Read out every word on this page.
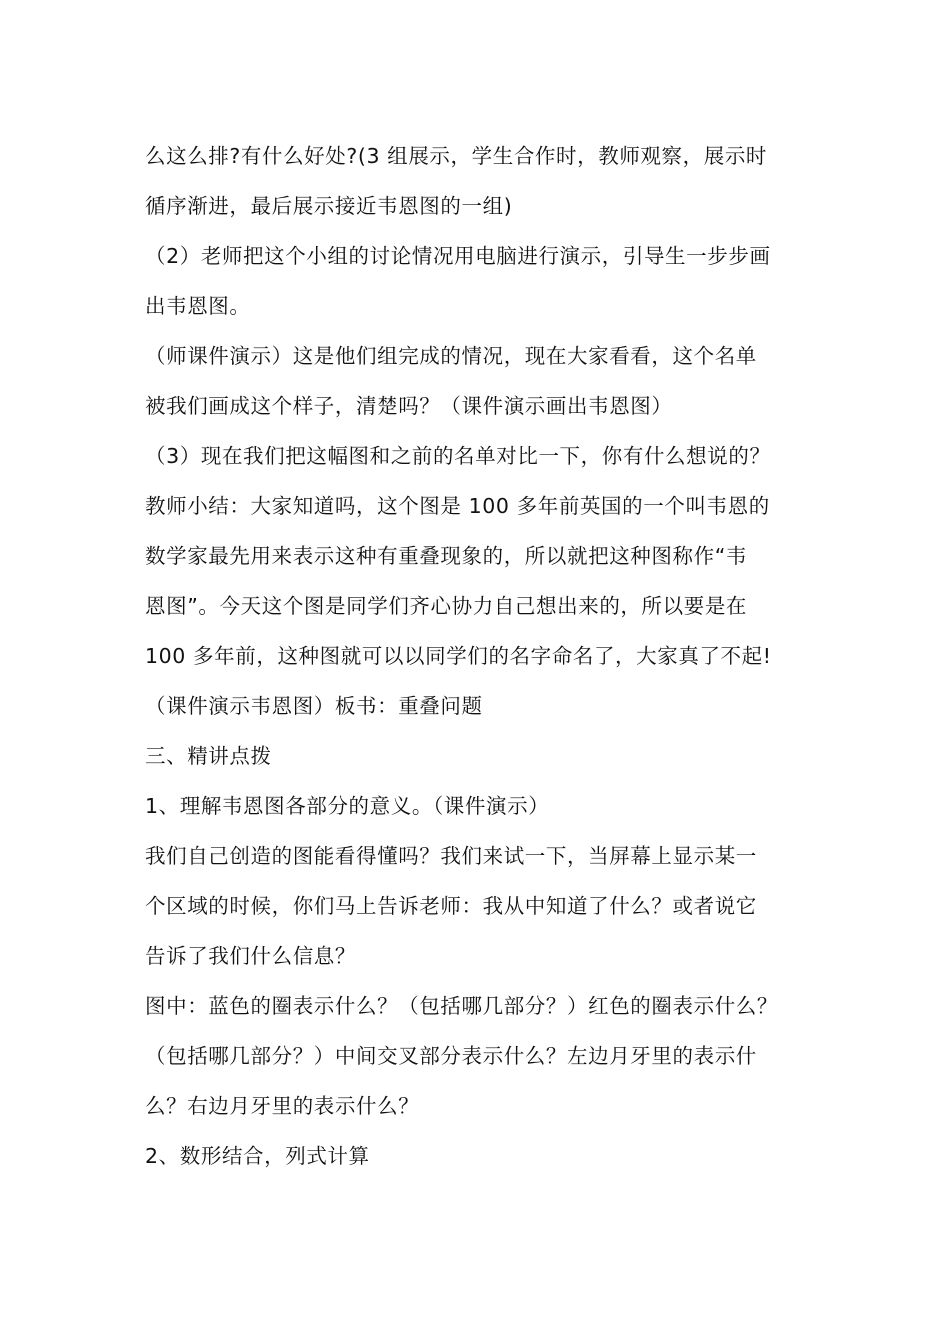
么这么排?有什么好处?(3 组展示，学生合作时，教师观察，展示时
循序渐进，最后展示接近韦恩图的一组)
（2）老师把这个小组的讨论情况用电脑进行演示，引导生一步步画
出韦恩图。
（师课件演示）这是他们组完成的情况，现在大家看看，这个名单
被我们画成这个样子，清楚吗？（课件演示画出韦恩图）
（3）现在我们把这幅图和之前的名单对比一下，你有什么想说的？
教师小结：大家知道吗，这个图是 100 多年前英国的一个叫韦恩的
数学家最先用来表示这种有重叠现象的，所以就把这种图称作“韦
恩图”。今天这个图是同学们齐心协力自己想出来的，所以要是在
100 多年前，这种图就可以以同学们的名字命名了，大家真了不起!
（课件演示韦恩图）板书：重叠问题
三、精讲点拨
1、理解韦恩图各部分的意义。（课件演示）
我们自己创造的图能看得懂吗？我们来试一下，当屏幕上显示某一
个区域的时候，你们马上告诉老师：我从中知道了什么？或者说它
告诉了我们什么信息？
图中：蓝色的圈表示什么？（包括哪几部分？）红色的圈表示什么？
（包括哪几部分？）中间交叉部分表示什么？左边月牙里的表示什
么？右边月牙里的表示什么？
2、数形结合，列式计算
